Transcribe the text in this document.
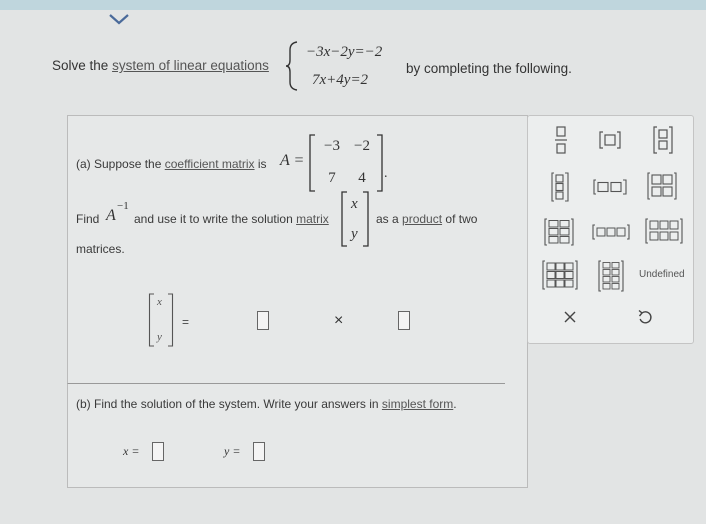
Solve the system of linear equations
−3x−2y=−2
7x+4y=2
by completing the following.
(a) Suppose the coefficient matrix is A =
−3 −2
7	4	.
Find A
−1
and use it to write the solution matrix
x
y
as a product of two
matrices.
x
y
=	×
(b) Find the solution of the system. Write your answers in simplest form.
x =	y =
Undefined
